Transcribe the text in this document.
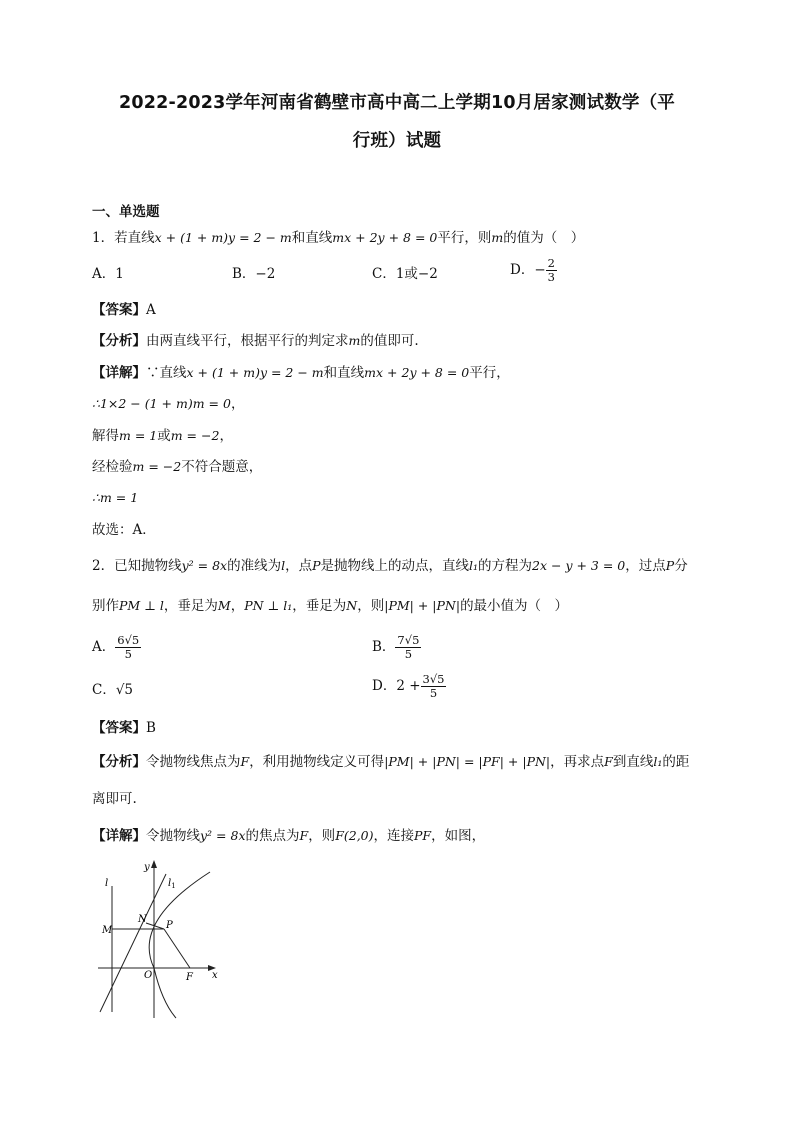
2022-2023学年河南省鹤壁市高中高二上学期10月居家测试数学（平
行班）试题
一、单选题
1．若直线x + (1 + m)y = 2 − m和直线mx + 2y + 8 = 0平行，则m的值为（　）
A．1	B．−2	C．1或−2	D．− $\frac{2}{3}$
【答案】A
【分析】由两直线平行，根据平行的判定求m的值即可.
【详解】∵直线x + (1 + m)y = 2 − m和直线mx + 2y + 8 = 0平行，
∴1×2 − (1 + m)m = 0，
解得m = 1或m = −2，
经检验m = −2不符合题意，
∴m = 1
故选：A．
2．已知抛物线y² = 8x的准线为l，点P是抛物线上的动点，直线l₁的方程为2x − y + 3 = 0，过点P分
别作PM ⊥ l，垂足为M，PN ⊥ l₁，垂足为N，则|PM| + |PN|的最小值为（　）
A． $\frac{6√5}{5}$	B． $\frac{7√5}{5}$
C．√5	D．$2 + \frac{3√5}{5}$
【答案】B
【分析】令抛物线焦点为F，利用抛物线定义可得|PM| + |PN| = |PF| + |PN|，再求点F到直线l₁的距
离即可.
【详解】令抛物线y² = 8x的焦点为F，则F(2,0)，连接PF，如图，
y
x
l	$l_1$
M
N
P
O	F
